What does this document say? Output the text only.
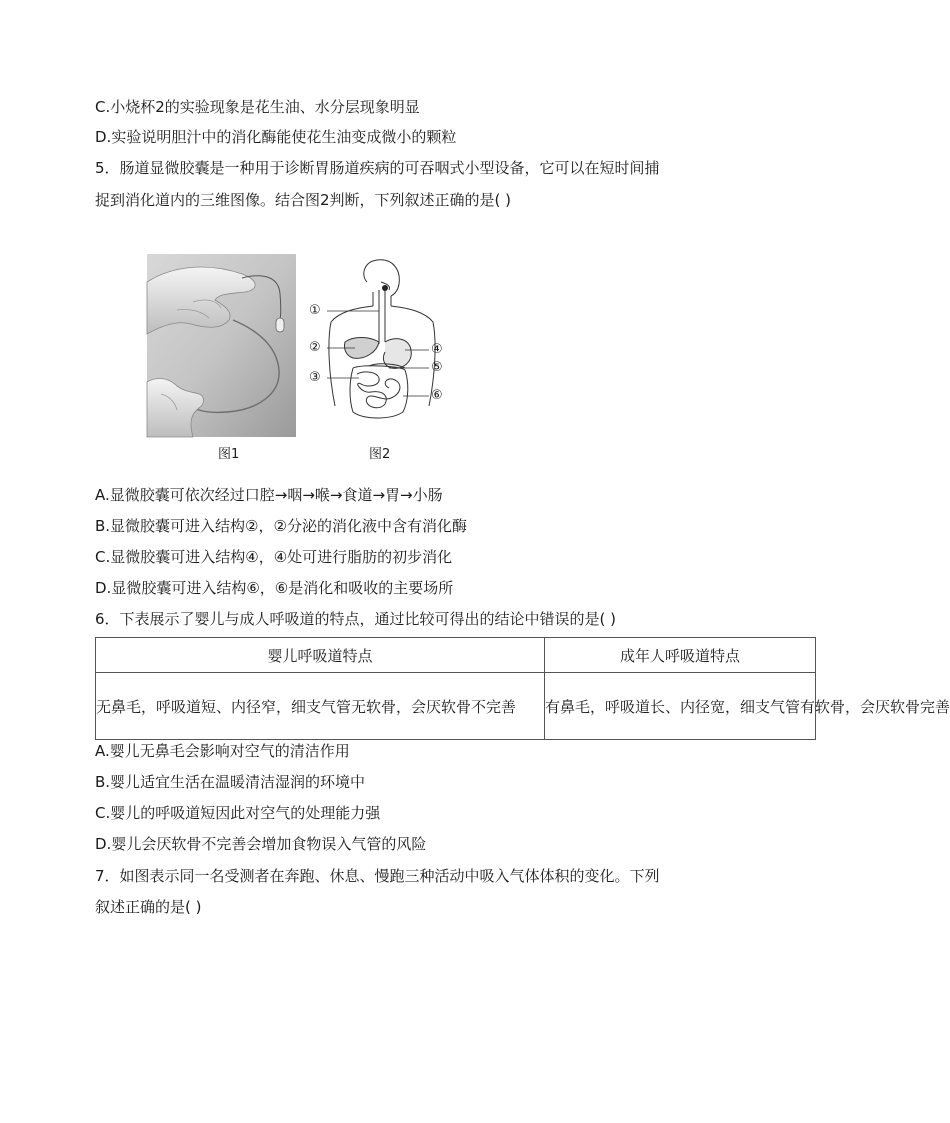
C.小烧杯2的实验现象是花生油、水分层现象明显
D.实验说明胆汁中的消化酶能使花生油变成微小的颗粒
5．肠道显微胶囊是一种用于诊断胃肠道疾病的可吞咽式小型设备，它可以在短时间捕
捉到消化道内的三维图像。结合图2判断，下列叙述正确的是( )
①
②
③
④
⑤
⑥
图1	图2
A.显微胶囊可依次经过口腔→咽→喉→食道→胃→小肠
B.显微胶囊可进入结构②，②分泌的消化液中含有消化酶
C.显微胶囊可进入结构④，④处可进行脂肪的初步消化
D.显微胶囊可进入结构⑥，⑥是消化和吸收的主要场所
6．下表展示了婴儿与成人呼吸道的特点，通过比较可得出的结论中错误的是( )
婴儿呼吸道特点	成年人呼吸道特点
无鼻毛，呼吸道短、内径窄，细支气管无软骨，会厌软骨不完善	有鼻毛，呼吸道长、内径宽，细支气管有软骨，会厌软骨完善
A.婴儿无鼻毛会影响对空气的清洁作用
B.婴儿适宜生活在温暖清洁湿润的环境中
C.婴儿的呼吸道短因此对空气的处理能力强
D.婴儿会厌软骨不完善会增加食物误入气管的风险
7．如图表示同一名受测者在奔跑、休息、慢跑三种活动中吸入气体体积的变化。下列
叙述正确的是( )
